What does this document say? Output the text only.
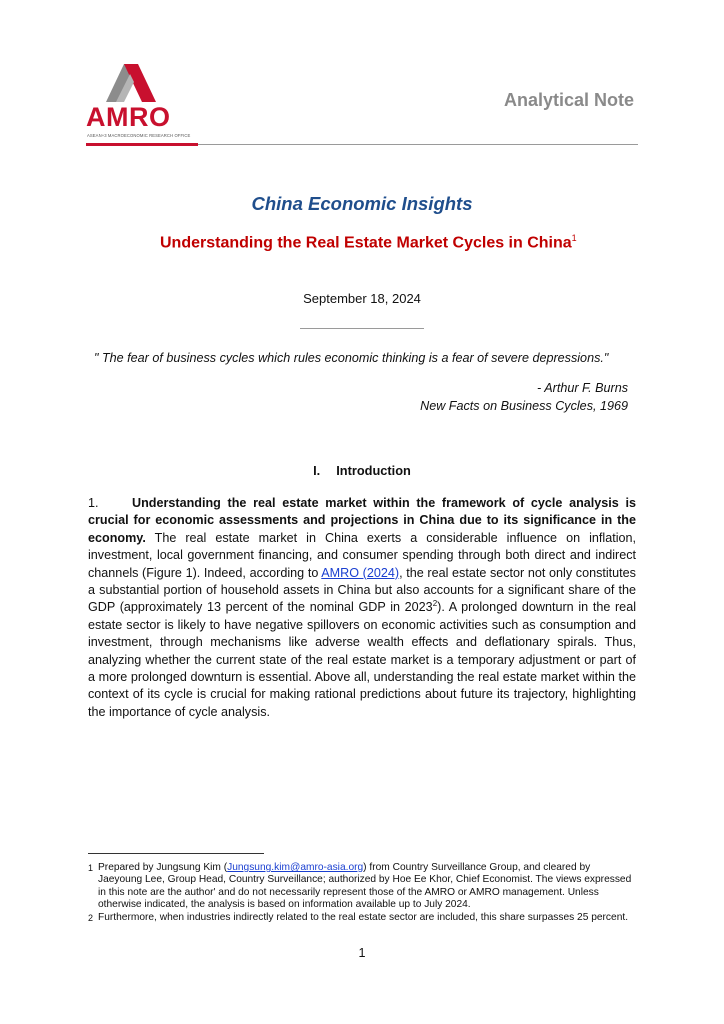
AMRO
ASEAN+3 MACROECONOMIC RESEARCH OFFICE
Analytical Note
China Economic Insights
Understanding the Real Estate Market Cycles in China$^1$
September 18, 2024
" The fear of business cycles which rules economic thinking is a fear of severe depressions."
- Arthur F. Burns
New Facts on Business Cycles, 1969
I. Introduction
1.	Understanding the real estate market within the framework of cycle analysis is crucial for economic assessments and projections in China due to its significance in the economy. The real estate market in China exerts a considerable influence on inflation, investment, local government financing, and consumer spending through both direct and indirect channels (Figure 1). Indeed, according to AMRO (2024), the real estate sector not only constitutes a substantial portion of household assets in China but also accounts for a significant share of the GDP (approximately 13 percent of the nominal GDP in 2023$^2$). A prolonged downturn in the real estate sector is likely to have negative spillovers on economic activities such as consumption and investment, through mechanisms like adverse wealth effects and deflationary spirals. Thus, analyzing whether the current state of the real estate market is a temporary adjustment or part of a more prolonged downturn is essential. Above all, understanding the real estate market within the context of its cycle is crucial for making rational predictions about future its trajectory, highlighting the importance of cycle analysis.
1 Prepared by Jungsung Kim (Jungsung.kim@amro-asia.org) from Country Surveillance Group, and cleared by Jaeyoung Lee, Group Head, Country Surveillance; authorized by Hoe Ee Khor, Chief Economist. The views expressed in this note are the author' and do not necessarily represent those of the AMRO or AMRO management. Unless otherwise indicated, the analysis is based on information available up to July 2024.
2 Furthermore, when industries indirectly related to the real estate sector are included, this share surpasses 25 percent.
1
